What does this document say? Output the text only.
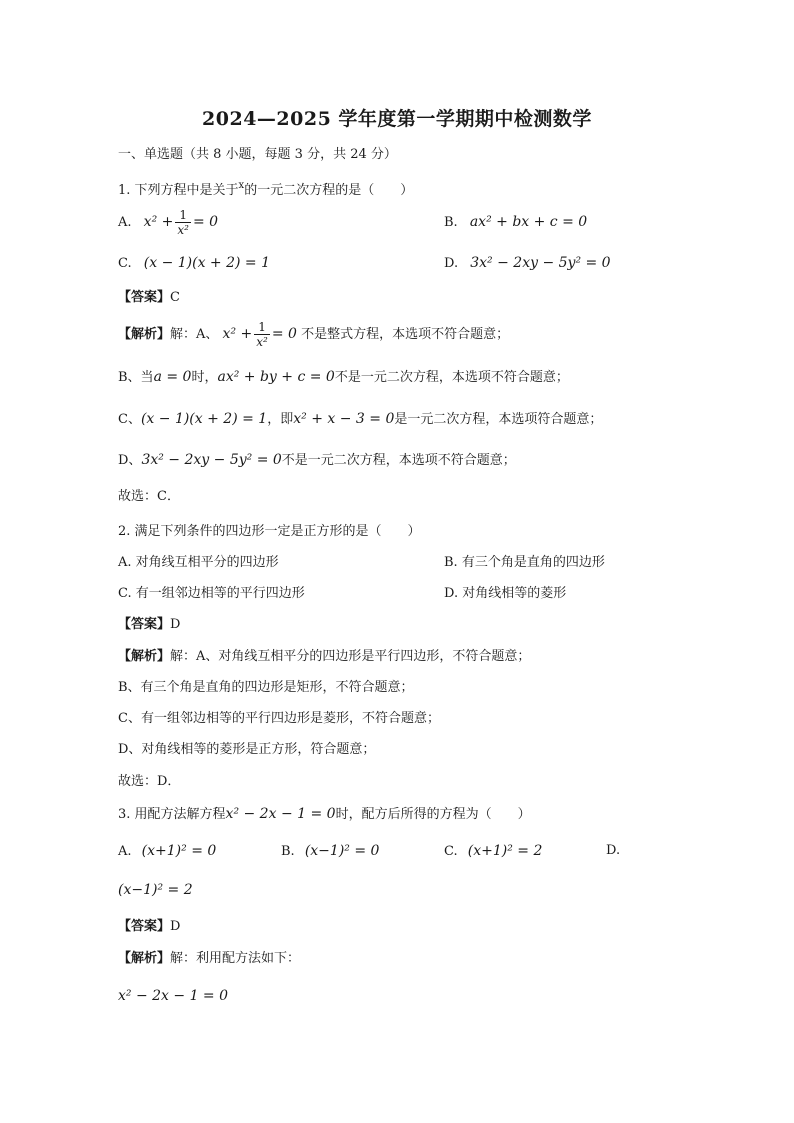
2024—2025 学年度第一学期期中检测数学
一、单选题（共 8 小题，每题 3 分，共 24 分）
1. 下列方程中是关于$^x$的一元二次方程的是（　　）
A. $x^2 + \frac{1}{\text{x²}} = 0$	B. ax² + bx + c = 0
C. (x − 1)(x + 2) = 1	D. 3x² − 2xy − 5y² = 0
【答案】C
【解析】解：A、 $x^2 + \frac{1}{\text{x²}} = 0$ 不是整式方程，本选项不符合题意；
B、当a = 0时，ax² + by + c = 0不是一元二次方程，本选项不符合题意；
C、(x − 1)(x + 2) = 1，即x² + x − 3 = 0是一元二次方程，本选项符合题意；
D、3x² − 2xy − 5y² = 0不是一元二次方程，本选项不符合题意；
故选：C．
2. 满足下列条件的四边形一定是正方形的是（　　）
A. 对角线互相平分的四边形	B. 有三个角是直角的四边形
C. 有一组邻边相等的平行四边形	D. 对角线相等的菱形
【答案】D
【解析】解：A、对角线互相平分的四边形是平行四边形，不符合题意；
B、有三个角是直角的四边形是矩形，不符合题意；
C、有一组邻边相等的平行四边形是菱形，不符合题意；
D、对角线相等的菱形是正方形，符合题意；
故选：D．
3. 用配方法解方程x² − 2x − 1 = 0时，配方后所得的方程为（　　）
A. (x+1)² = 0	B. (x−1)² = 0	C. (x+1)² = 2	D.
(x−1)² = 2
【答案】D
【解析】解：利用配方法如下：
x² − 2x − 1 = 0
